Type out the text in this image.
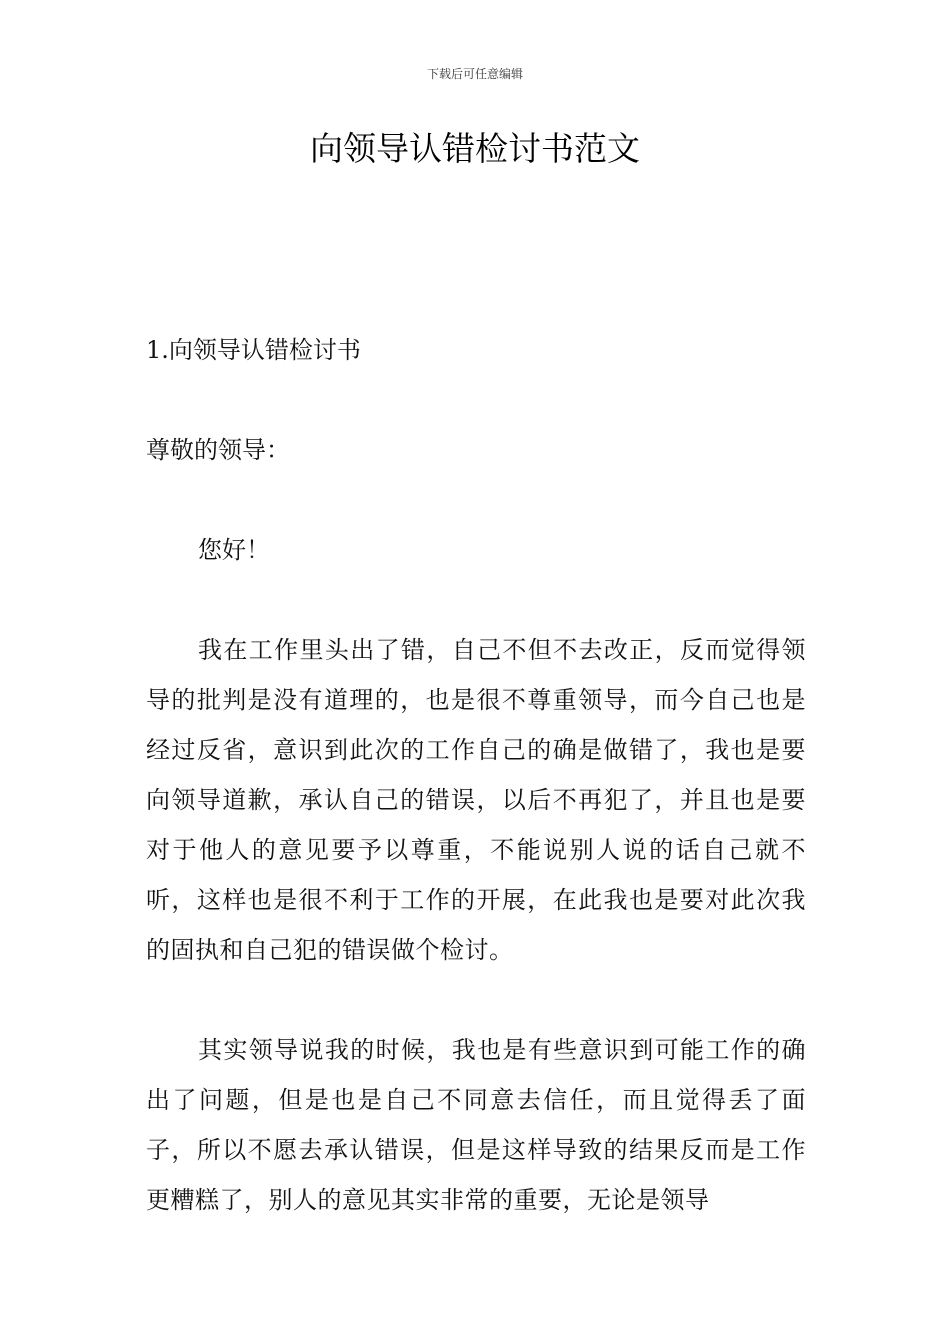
下载后可任意编辑
向领导认错检讨书范文
1.向领导认错检讨书
尊敬的领导：
您好！

我在工作里头出了错，自己不但不去改正，反而觉得领导的批判是没有道理的，也是很不尊重领导，而今自己也是经过反省，意识到此次的工作自己的确是做错了，我也是要向领导道歉，承认自己的错误，以后不再犯了，并且也是要对于他人的意见要予以尊重，不能说别人说的话自己就不听，这样也是很不利于工作的开展，在此我也是要对此次我的固执和自己犯的错误做个检讨。

其实领导说我的时候，我也是有些意识到可能工作的确出了问题，但是也是自己不同意去信任，而且觉得丢了面子，所以不愿去承认错误，但是这样导致的结果反而是工作更糟糕了，别人的意见其实非常的重要，无论是领导
